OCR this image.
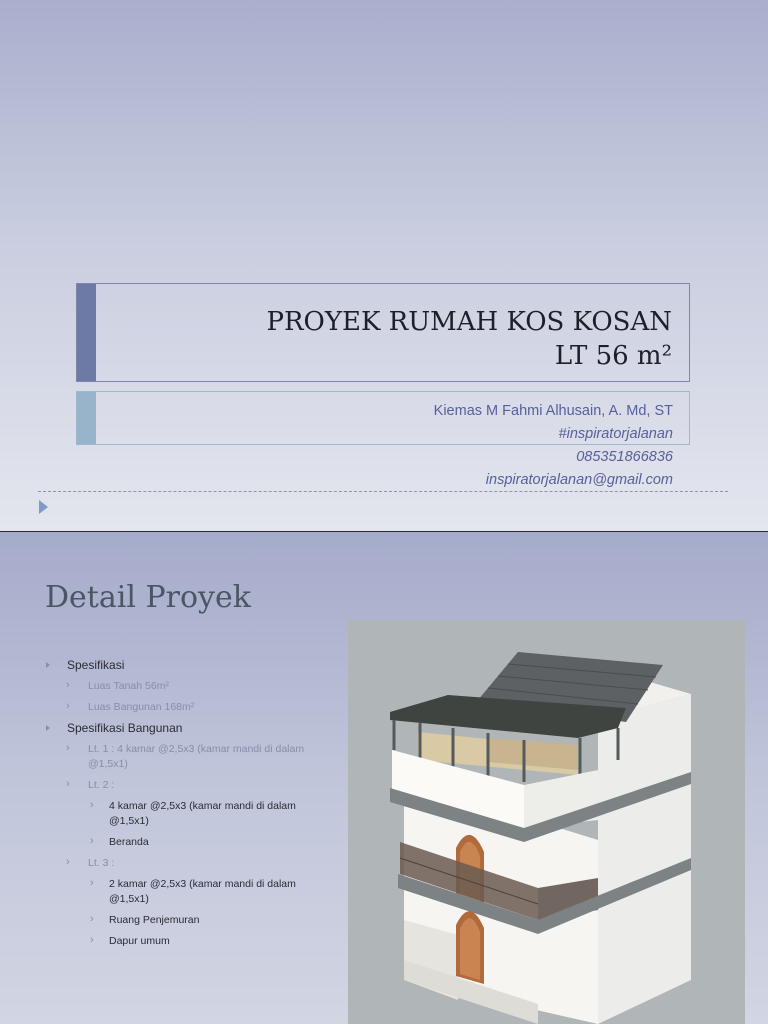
PROYEK RUMAH KOS KOSAN
LT 56 m²
Kiemas M Fahmi Alhusain, A. Md, ST
#inspiratorjalanan
085351866836
inspiratorjalanan@gmail.com
Detail Proyek
Spesifikasi
› Luas Tanah 56m²
› Luas Bangunan 168m²
Spesifikasi Bangunan
› Lt. 1 : 4 kamar @2,5x3 (kamar mandi di dalam @1,5x1)
› Lt. 2 :
› 4 kamar @2,5x3 (kamar mandi di dalam @1,5x1)
› Beranda
› Lt. 3 :
› 2 kamar @2,5x3 (kamar mandi di dalam @1,5x1)
› Ruang Penjemuran
› Dapur umum
